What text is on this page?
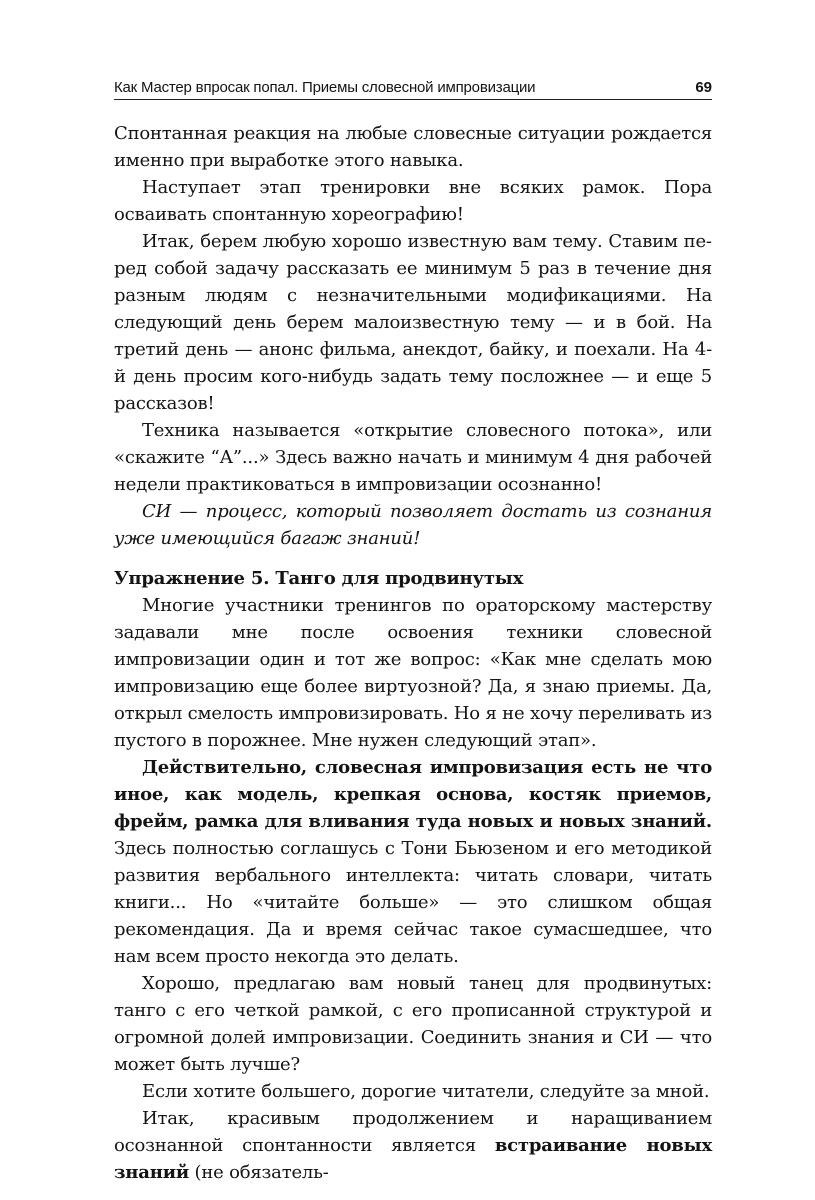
Как Мастер впросак попал. Приемы словесной импровизации	69

Спонтанная реакция на любые словесные ситуации рождается именно при выработке этого навыка.

Наступает этап тренировки вне всяких рамок. Пора осваивать спонтанную хореографию!

Итак, берем любую хорошо известную вам тему. Ставим перед собой задачу рассказать ее минимум 5 раз в течение дня разным людям с незначительными модификациями. На следующий день берем малоизвестную тему — и в бой. На третий день — анонс фильма, анекдот, байку, и поехали. На 4-й день просим кого-нибудь задать тему посложнее — и еще 5 рассказов!

Техника называется «открытие словесного потока», или «скажите “А”...» Здесь важно начать и минимум 4 дня рабочей недели практиковаться в импровизации осознанно!

СИ — процесс, который позволяет достать из сознания уже имеющийся багаж знаний!

Упражнение 5. Танго для продвинутых

Многие участники тренингов по ораторскому мастерству задавали мне после освоения техники словесной импровизации один и тот же вопрос: «Как мне сделать мою импровизацию еще более виртуозной? Да, я знаю приемы. Да, открыл смелость импровизировать. Но я не хочу переливать из пустого в порожнее. Мне нужен следующий этап».

Действительно, словесная импровизация есть не что иное, как модель, крепкая основа, костяк приемов, фрейм, рамка для вливания туда новых и новых знаний. Здесь полностью соглашусь с Тони Бьюзеном и его методикой развития вербального интеллекта: читать словари, читать книги... Но «читайте больше» — это слишком общая рекомендация. Да и время сейчас такое сумасшедшее, что нам всем просто некогда это делать.

Хорошо, предлагаю вам новый танец для продвинутых: танго с его четкой рамкой, с его прописанной структурой и огромной долей импровизации. Соединить знания и СИ — что может быть лучше?

Если хотите большего, дорогие читатели, следуйте за мной.

Итак, красивым продолжением и наращиванием осознанной спонтанности является встраивание новых знаний (не обязатель-
